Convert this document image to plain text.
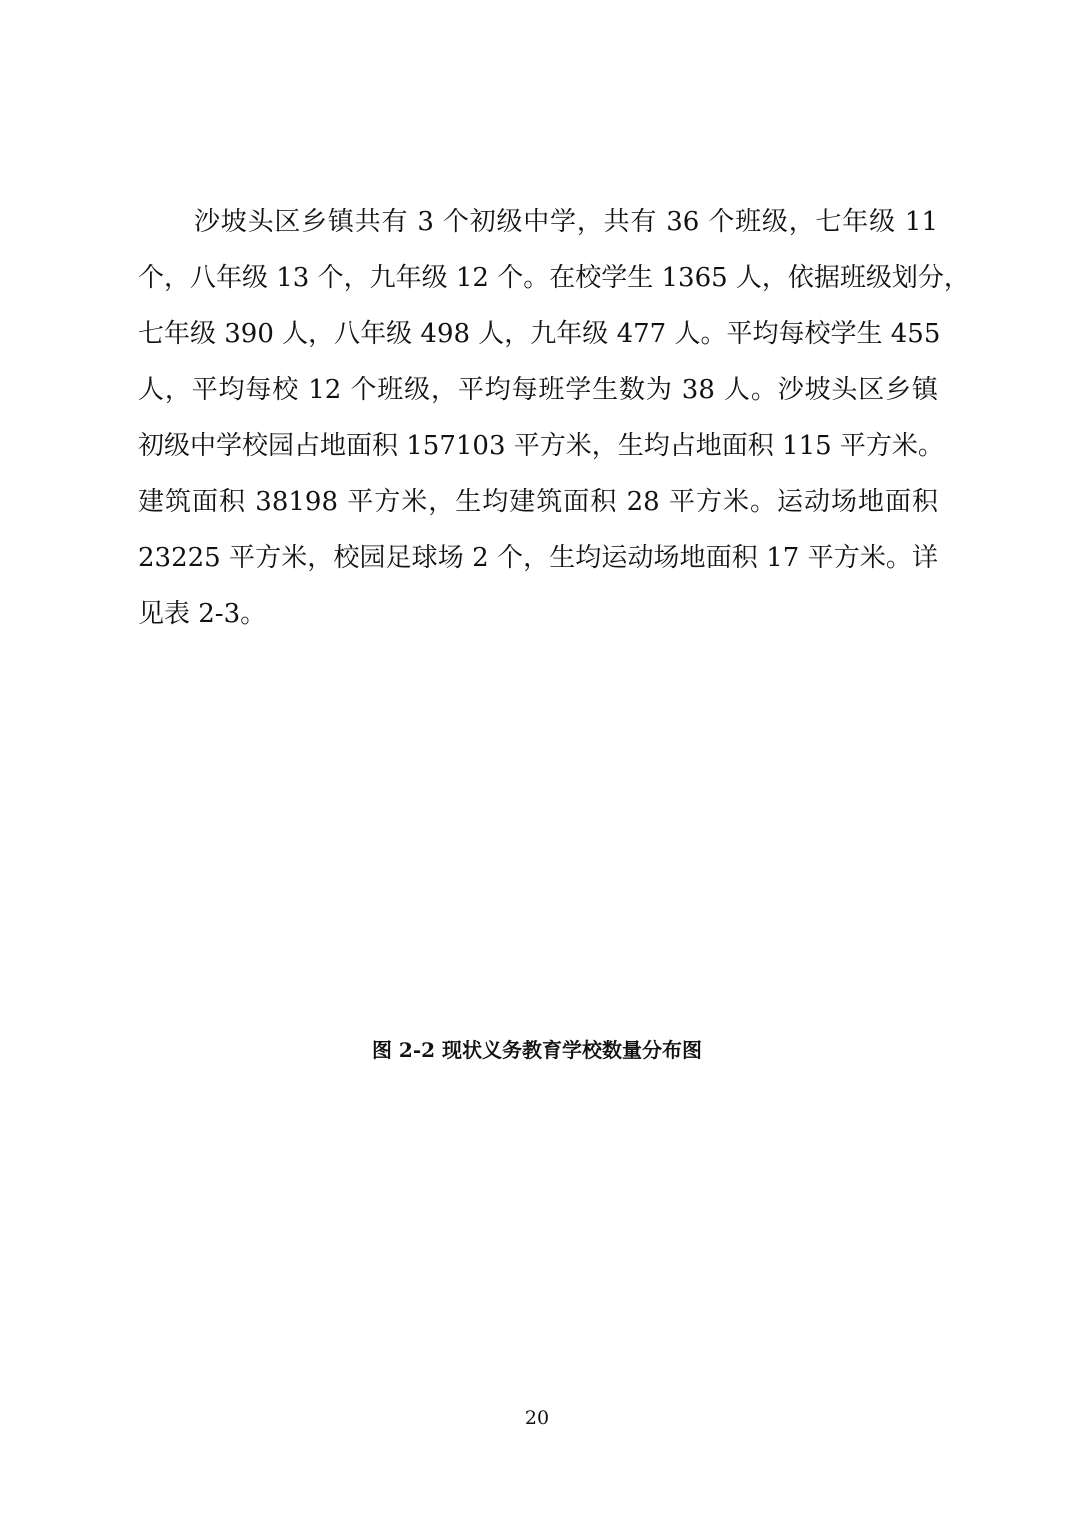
沙坡头区乡镇共有 3 个初级中学，共有 36 个班级，七年级 11
个，八年级 13 个，九年级 12 个。在校学生 1365 人，依据班级划分，
七年级 390 人，八年级 498 人，九年级 477 人。平均每校学生 455
人，平均每校 12 个班级，平均每班学生数为 38 人。沙坡头区乡镇
初级中学校园占地面积 157103 平方米，生均占地面积 115 平方米。
建筑面积 38198 平方米，生均建筑面积 28 平方米。运动场地面积
23225 平方米，校园足球场 2 个，生均运动场地面积 17 平方米。详
见表 2-3。

图 2-2 现状义务教育学校数量分布图

20
